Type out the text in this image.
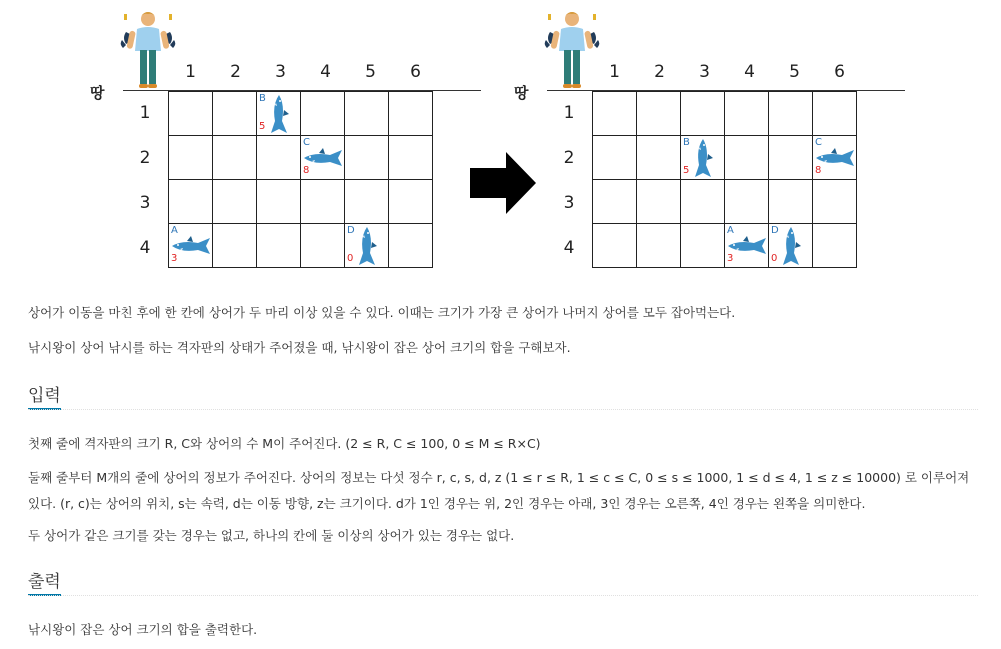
땅
1	2	3	4	5	6
1
2
3
4
A
3
B
5
C
8
D
0
땅
1	2	3	4	5	6
1
2
3
4
B
5
C
8
A
3
D
0

상어가 이동을 마친 후에 한 칸에 상어가 두 마리 이상 있을 수 있다. 이때는 크기가 가장 큰 상어가 나머지 상어를 모두 잡아먹는다.

낚시왕이 상어 낚시를 하는 격자판의 상태가 주어졌을 때, 낚시왕이 잡은 상어 크기의 합을 구해보자.

입력

첫째 줄에 격자판의 크기 R, C와 상어의 수 M이 주어진다. (2 ≤ R, C ≤ 100, 0 ≤ M ≤ R×C)

둘째 줄부터 M개의 줄에 상어의 정보가 주어진다. 상어의 정보는 다섯 정수 r, c, s, d, z (1 ≤ r ≤ R, 1 ≤ c ≤ C, 0 ≤ s ≤ 1000, 1 ≤ d ≤ 4, 1 ≤ z ≤ 10000) 로 이루어져 있다. (r, c)는 상어의 위치, s는 속력, d는 이동 방향, z는 크기이다. d가 1인 경우는 위, 2인 경우는 아래, 3인 경우는 오른쪽, 4인 경우는 왼쪽을 의미한다.

두 상어가 같은 크기를 갖는 경우는 없고, 하나의 칸에 둘 이상의 상어가 있는 경우는 없다.

출력

낚시왕이 잡은 상어 크기의 합을 출력한다.
